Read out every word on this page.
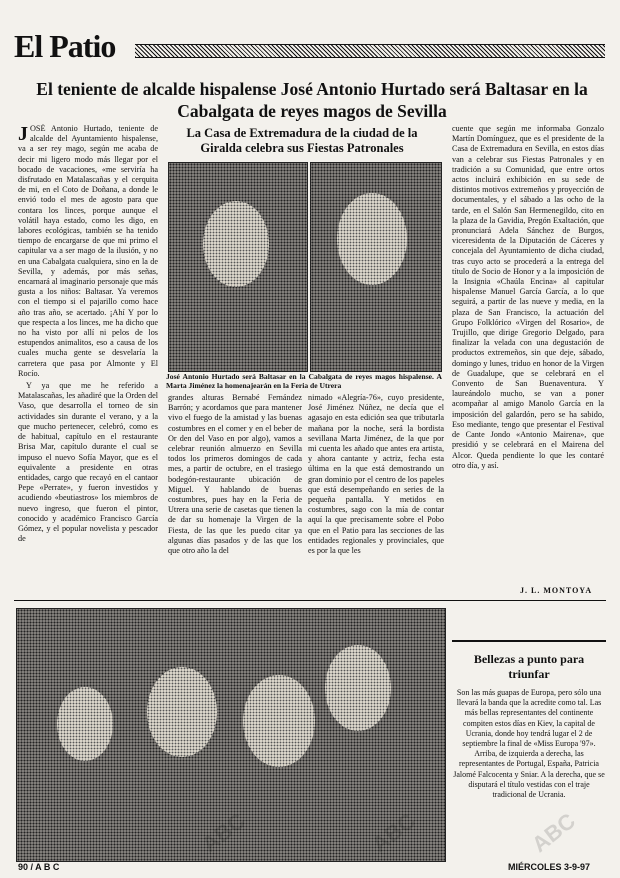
El Patio
El teniente de alcalde hispalense José Antonio Hurtado será Baltasar en la Cabalgata de reyes magos de Sevilla

JOSÉ Antonio Hurtado, teniente de alcalde del Ayuntamiento hispalense, va a ser rey mago, según me acaba de decir mi ligero modo más llegar por el bocado de vacaciones, «me serviría ha disfrutado en Matalascañas y el cerquita de mi, en el Coto de Doñana, a donde le envió todo el mes de agosto para que contara los linces, porque aunque el volátil haya estado, como les digo, en labores ecológicas, también se ha tenido tiempo de encargarse de que mi primo el capitular va a ser mago de la ilusión, y no en una Cabalgata cualquiera, sino en la de Sevilla, y además, por más señas, encarnará al imaginario personaje que más gusta a los niños: Baltasar. Ya veremos con el tiempo si el pajarillo como hace año tras año, se acertado. ¡Ahí Y por lo que respecta a los linces, me ha dicho que no ha visto por allí ni pelos de los estupendos animalitos, eso a causa de los cuales mucha gente se desvelaría la carretera que pasa por Almonte y El Rocío.

Y ya que me he referido a Matalascañas, les añadiré que la Orden del Vaso, que desarrolla el torneo de sin actividades sin durante el verano, y a la que mucho pertenecer, celebró, como es de habitual, capítulo en el restaurante Brisa Mar, capítulo durante el cual se impuso el nuevo Sofía Mayor, que es el equivalente a presidente en otras entidades, cargo que recayó en el cantaor Pepe «Perrate», y fueron investidos y acudiendo «beutiastros» los miembros de nuevo ingreso, que fueron el pintor, conocido y académico Francisco García Gómez, y el popular novelista y pescador de

La Casa de Extremadura de la ciudad de la Giralda celebra sus Fiestas Patronales
José Antonio Hurtado será Baltasar en la Cabalgata de reyes magos hispalense. A Marta Jiménez la homenajearán en la Feria de Utrera
grandes alturas Bernabé Fernández Barrón; y acordamos que para mantener vivo el fuego de la amistad y las buenas costumbres en el comer y en el beber de Or den del Vaso en por algo), vamos a celebrar reunión almuerzo en Sevilla todos los primeros domingos de cada mes, a partir de octubre, en el trasiego bodegón-restaurante ubicación de Miguel. Y hablando de buenas costumbres, pues hay en la Feria de Utrera una serie de casetas que tienen la de dar su homenaje la Virgen de la Fiesta, de las que les puedo citar ya algunas días pasados y de las que los que otro año la del
nimado «Alegría-76», cuyo presidente, José Jiménez Núñez, ne decía que el agasajo en esta edición sea que tributarla mañana por la noche, será la bordista sevillana Marta Jiménez, de la que por mi cuenta les añado que antes era artista, y ahora cantante y actriz, fecha esta última en la que está demostrando un gran dominio por el centro de los papeles que está desempeñando en series de la pequeña pantalla. Y metidos en costumbres, sago con la mía de contar aquí la que precisamente sobre el Pobo que en el Patio para las secciones de las entidades regionales y provinciales, que es por la que les
cuente que según me informaba Gonzalo Martín Domínguez, que es el presidente de la Casa de Extremadura en Sevilla, en estos días van a celebrar sus Fiestas Patronales y en tradición a su Comunidad, que entre ortos actos incluirá exhibición en su sede de distintos motivos extremeños y proyección de documentales, y el sábado a las ocho de la tarde, en el Salón San Hermenegildo, cito en la plaza de la Gavidia, Pregón Exaltación, que pronunciará Adela Sánchez de Burgos, viceresidenta de la Diputación de Cáceres y concejala del Ayuntamiento de dicha ciudad, tras cuyo acto se procederá a la entrega del título de Socio de Honor y a la imposición de la Insignia «Chaúla Encina» al capitular hispalense Manuel García García, a lo que seguirá, a partir de las nueve y media, en la plaza de San Francisco, la actuación del Grupo Folklórico «Virgen del Rosario», de Trujillo, que dirige Gregorio Delgado, para finalizar la velada con una degustación de productos extremeños, sin que deje, sábado, domingo y lunes, triduo en honor de la Virgen de Guadalupe, que se celebrará en el Convento de San Buenaventura. Y laureándolo mucho, se van a poner acompañar al amigo Manolo García en la imposición del galardón, pero se ha sabido, Eso mediante, tengo que presentar el Festival de Cante Jondo «Antonio Mairena», que presidió y se celebrará en el Mairena del Alcor. Queda pendiente lo que les contaré otro día, y así.
J. L. MONTOYA
Bellezas a punto para triunfar
Son las más guapas de Europa, pero sólo una llevará la banda que la acredite como tal. Las más bellas representantes del continente compiten estos días en Kiev, la capital de Ucrania, donde hoy tendrá lugar el 2 de septiembre la final de «Miss Europa '97». Arriba, de izquierda a derecha, las representantes de Portugal, España, Patricia Jalomé Falcocenta y Sniar. A la derecha, que se disputará el título vestidas con el traje tradicional de Ucrania.
ABC	ABC	ABC
90 / A B C	MIÉRCOLES 3-9-97
